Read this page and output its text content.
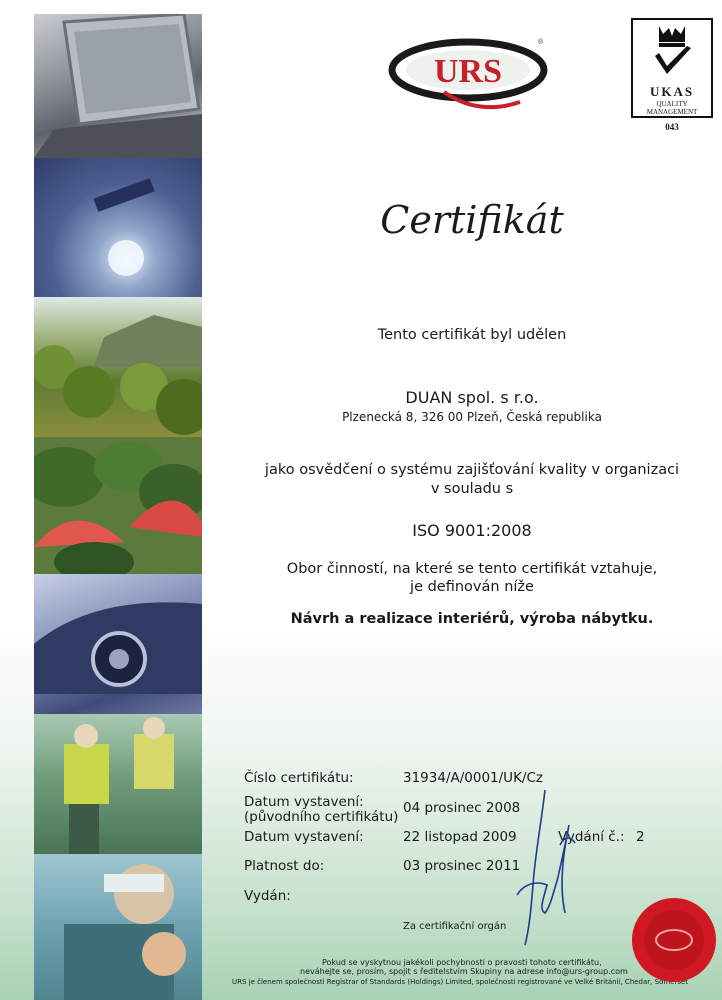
URS
®
UKAS
QUALITY
MANAGEMENT
043
Certifikát
Tento certifikát byl udělen
DUAN spol. s r.o.
Plzenecká 8, 326 00 Plzeň, Česká republika
jako osvědčení o systému zajišťování kvality v organizaci
v souladu s
ISO 9001:2008
Obor činností, na které se tento certifikát vztahuje,
je definován níže
Návrh a realizace interiérů, výroba nábytku.
Číslo certifikátu:	31934/A/0001/UK/Cz
Datum vystavení:
(původního certifikátu)
04 prosinec 2008
Datum vystavení:	22 listopad 2009	Vydání č.: 2
Platnost do:	03 prosinec 2011
Vydán:
Za certifikační orgán
Pokud se vyskytnou jakékoli pochybnosti o pravosti tohoto certifikátu,
neváhejte se, prosím, spojit s ředitelstvím Skupiny na adrese info@urs-group.com
URS je členem společnosti Registrar of Standards (Holdings) Limited, společnosti registrované ve Velké Británii, Chedar, Somerset
